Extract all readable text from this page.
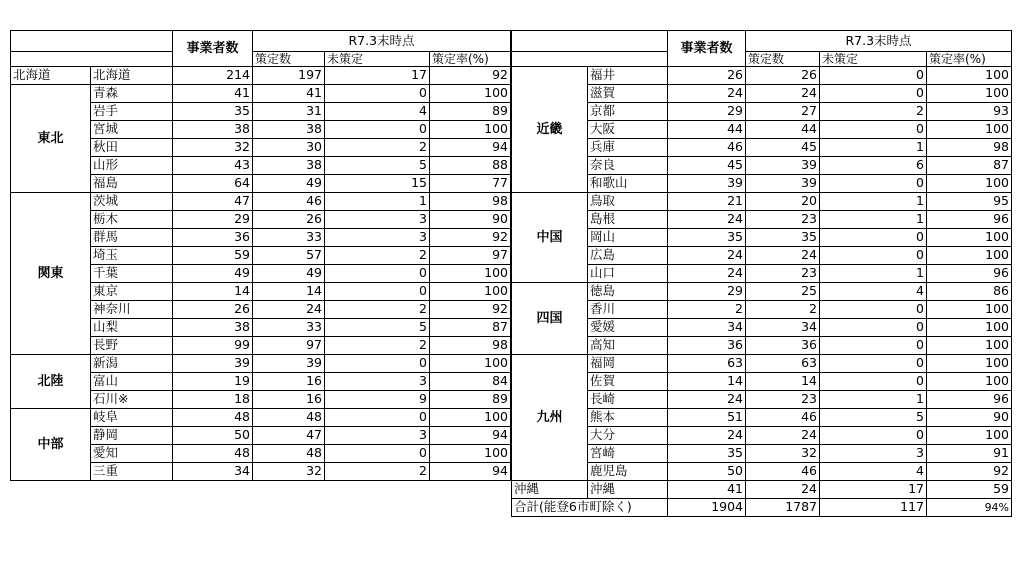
		事業者数	R7.3末時点		
			策定数	未策定	策定率(%)
北海道	北海道	214	197	17	92
東北	青森	41	41	0	100
	岩手	35	31	4	89
	宮城	38	38	0	100
	秋田	32	30	2	94
	山形	43	38	5	88
	福島	64	49	15	77
関東	茨城	47	46	1	98
	栃木	29	26	3	90
	群馬	36	33	3	92
	埼玉	59	57	2	97
	千葉	49	49	0	100
	東京	14	14	0	100
	神奈川	26	24	2	92
	山梨	38	33	5	87
	長野	99	97	2	98
北陸	新潟	39	39	0	100
	富山	19	16	3	84
	石川※	18	16	9	89
中部	岐阜	48	48	0	100
	静岡	50	47	3	94
	愛知	48	48	0	100
	三重	34	32	2	94
		事業者数	R7.3末時点		
			策定数	未策定	策定率(%)
近畿	福井	26	26	0	100
	滋賀	24	24	0	100
	京都	29	27	2	93
	大阪	44	44	0	100
	兵庫	46	45	1	98
	奈良	45	39	6	87
	和歌山	39	39	0	100
中国	鳥取	21	20	1	95
	島根	24	23	1	96
	岡山	35	35	0	100
	広島	24	24	0	100
	山口	24	23	1	96
四国	徳島	29	25	4	86
	香川	2	2	0	100
	愛媛	34	34	0	100
	高知	36	36	0	100
九州	福岡	63	63	0	100
	佐賀	14	14	0	100
	長崎	24	23	1	96
	熊本	51	46	5	90
	大分	24	24	0	100
	宮崎	35	32	3	91
	鹿児島	50	46	4	92
沖縄	沖縄	41	24	17	59
合計(能登6市町除く)		1904	1787	117	94%
